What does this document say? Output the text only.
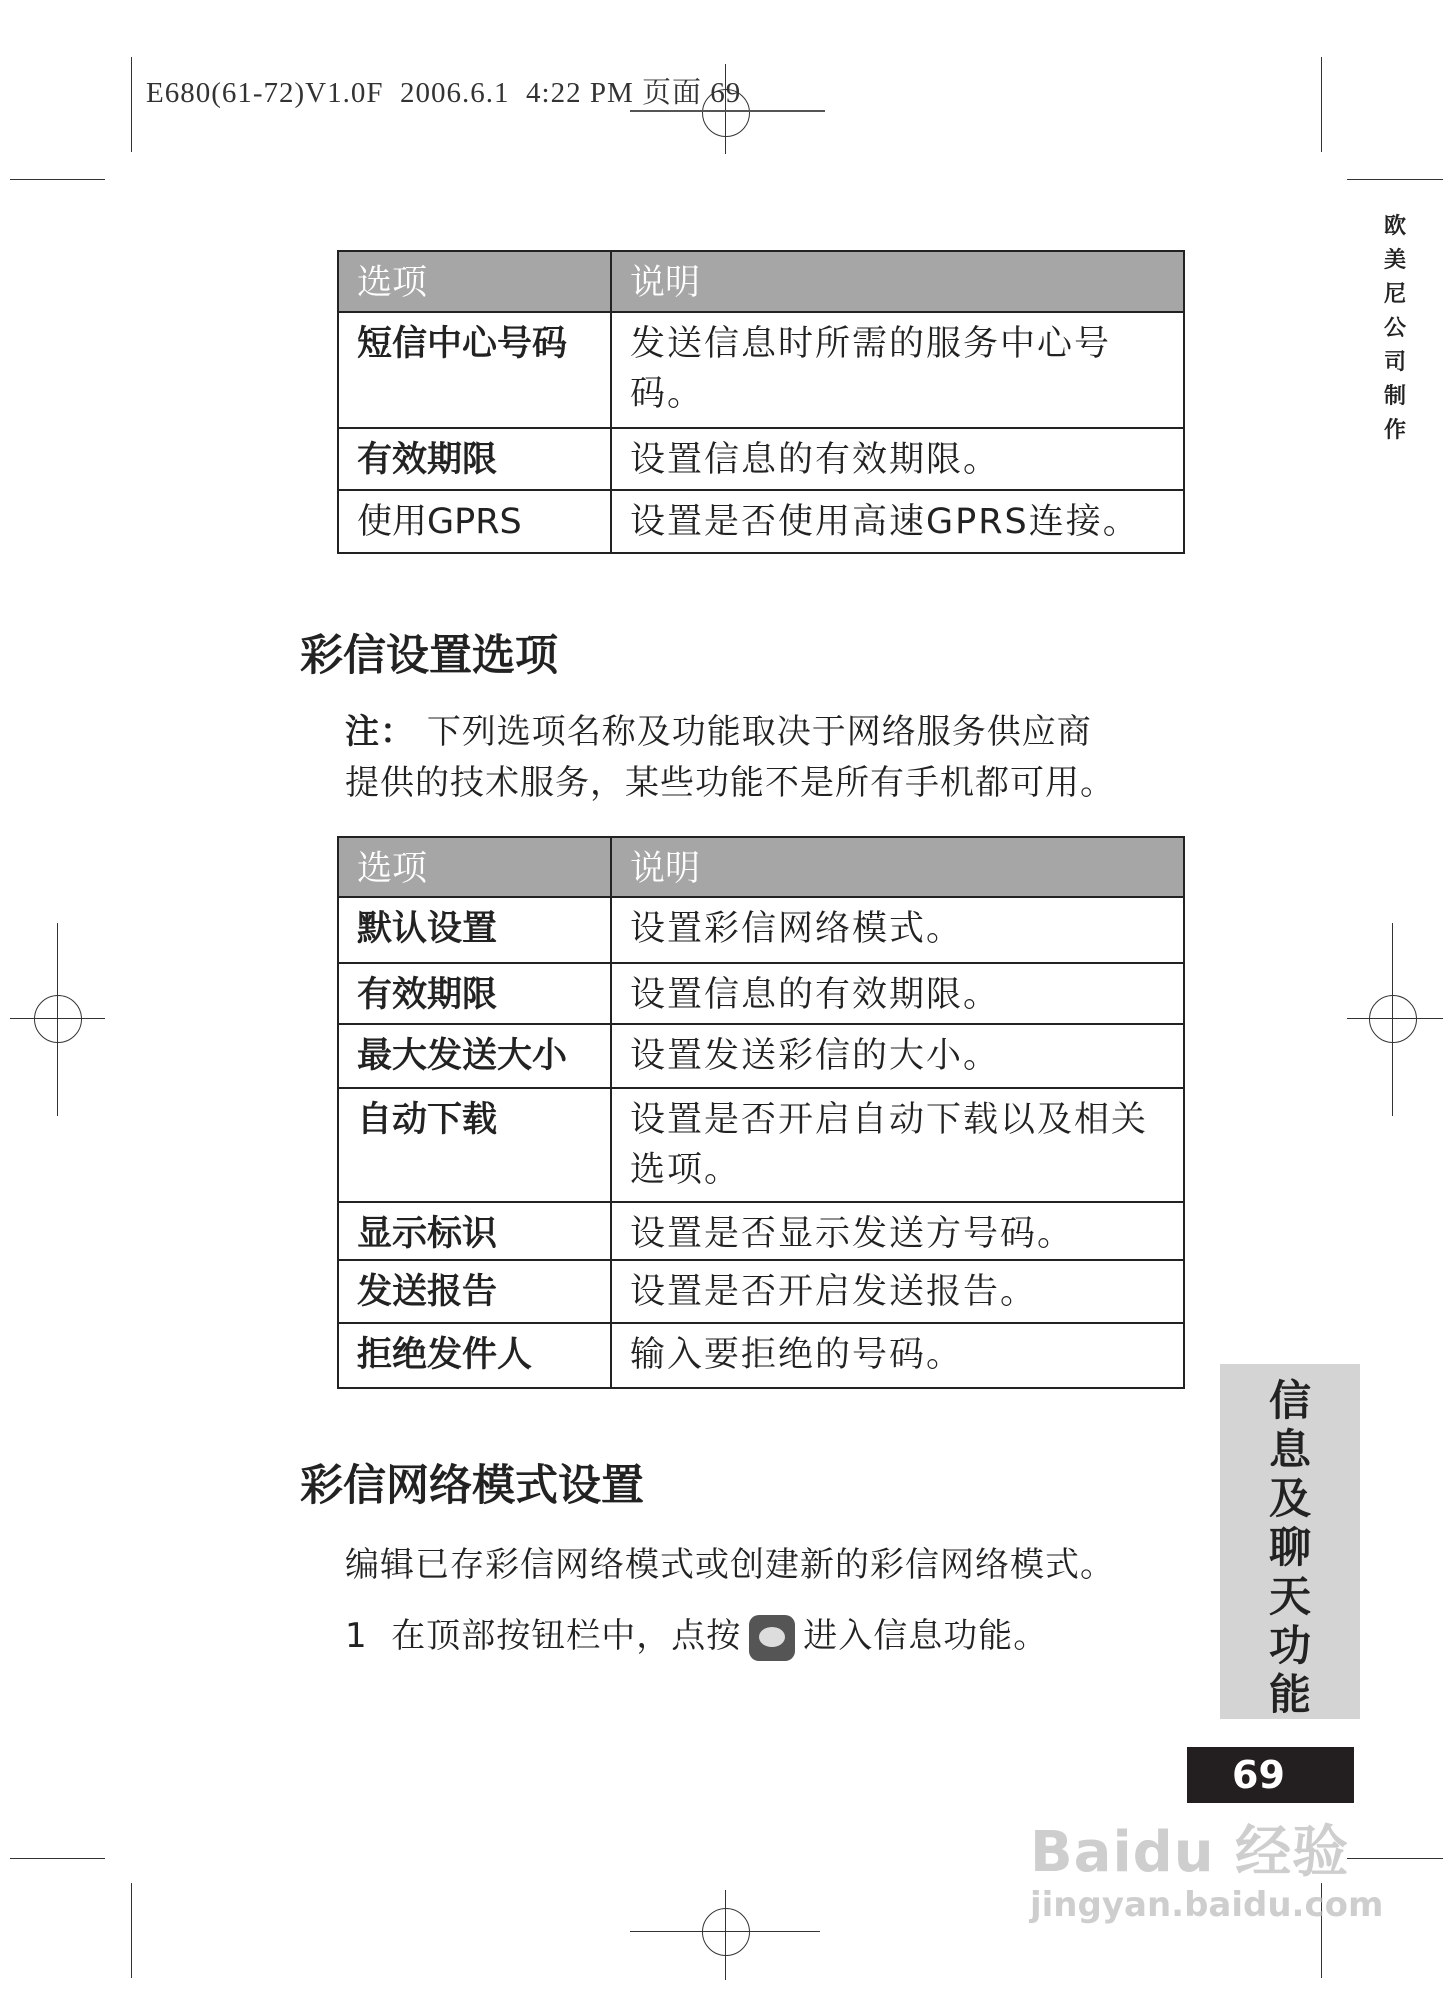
E680(61-72)V1.0F  2006.6.1  4:22 PM 页面 69
欧
美
尼
公
司
制
作
选项	说明
短信中心号码	发送信息时所需的服务中心号码。
有效期限	设置信息的有效期限。
使用GPRS	设置是否使用高速GPRS连接。
彩信设置选项
注： 下列选项名称及功能取决于网络服务供应商
提供的技术服务，某些功能不是所有手机都可用。
选项	说明
默认设置	设置彩信网络模式。
有效期限	设置信息的有效期限。
最大发送大小	设置发送彩信的大小。
自动下载	设置是否开启自动下载以及相关选项。
显示标识	设置是否显示发送方号码。
发送报告	设置是否开启发送报告。
拒绝发件人	输入要拒绝的号码。
彩信网络模式设置
编辑已存彩信网络模式或创建新的彩信网络模式。
1 在顶部按钮栏中，点按 进入信息功能。
信
息
及
聊
天
功
能
69
Baidu 经验
jingyan.baidu.com
